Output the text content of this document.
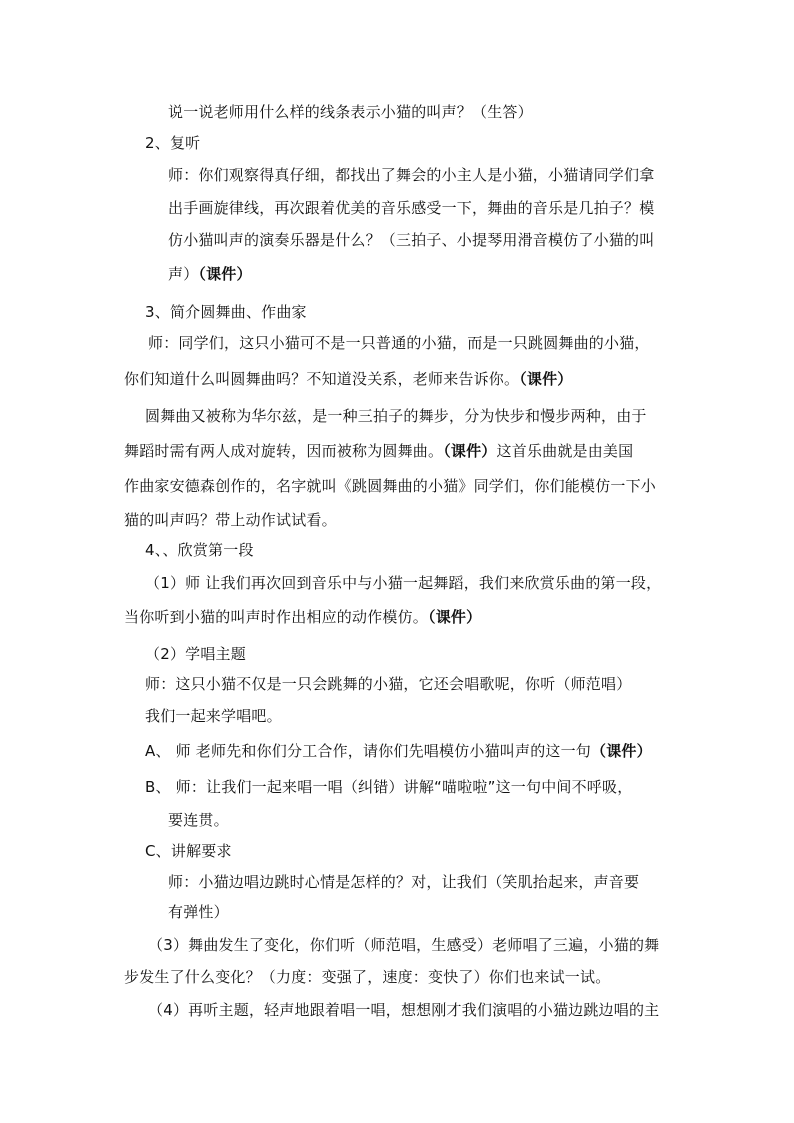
说一说老师用什么样的线条表示小猫的叫声？（生答）
2、复听
师：你们观察得真仔细，都找出了舞会的小主人是小猫，小猫请同学们拿
出手画旋律线，再次跟着优美的音乐感受一下，舞曲的音乐是几拍子？模
仿小猫叫声的演奏乐器是什么？（三拍子、小提琴用滑音模仿了小猫的叫
声）（课件）
3、简介圆舞曲、作曲家
师：同学们，这只小猫可不是一只普通的小猫，而是一只跳圆舞曲的小猫，
你们知道什么叫圆舞曲吗？不知道没关系，老师来告诉你。（课件）
圆舞曲又被称为华尔兹，是一种三拍子的舞步，分为快步和慢步两种，由于
舞蹈时需有两人成对旋转，因而被称为圆舞曲。（课件）这首乐曲就是由美国
作曲家安德森创作的，名字就叫《跳圆舞曲的小猫》同学们，你们能模仿一下小
猫的叫声吗？带上动作试试看。
4、、欣赏第一段
（1）师 让我们再次回到音乐中与小猫一起舞蹈，我们来欣赏乐曲的第一段，
当你听到小猫的叫声时作出相应的动作模仿。（课件）
（2）学唱主题
师：这只小猫不仅是一只会跳舞的小猫，它还会唱歌呢，你听（师范唱）
我们一起来学唱吧。
A、 师 老师先和你们分工合作，请你们先唱模仿小猫叫声的这一句（课件）
B、 师：让我们一起来唱一唱（纠错）讲解“喵啦啦”这一句中间不呼吸，
要连贯。
C、讲解要求
师：小猫边唱边跳时心情是怎样的？对，让我们（笑肌抬起来，声音要
有弹性）
（3）舞曲发生了变化，你们听（师范唱，生感受）老师唱了三遍，小猫的舞
步发生了什么变化？（力度：变强了，速度：变快了）你们也来试一试。
（4）再听主题，轻声地跟着唱一唱，想想刚才我们演唱的小猫边跳边唱的主
